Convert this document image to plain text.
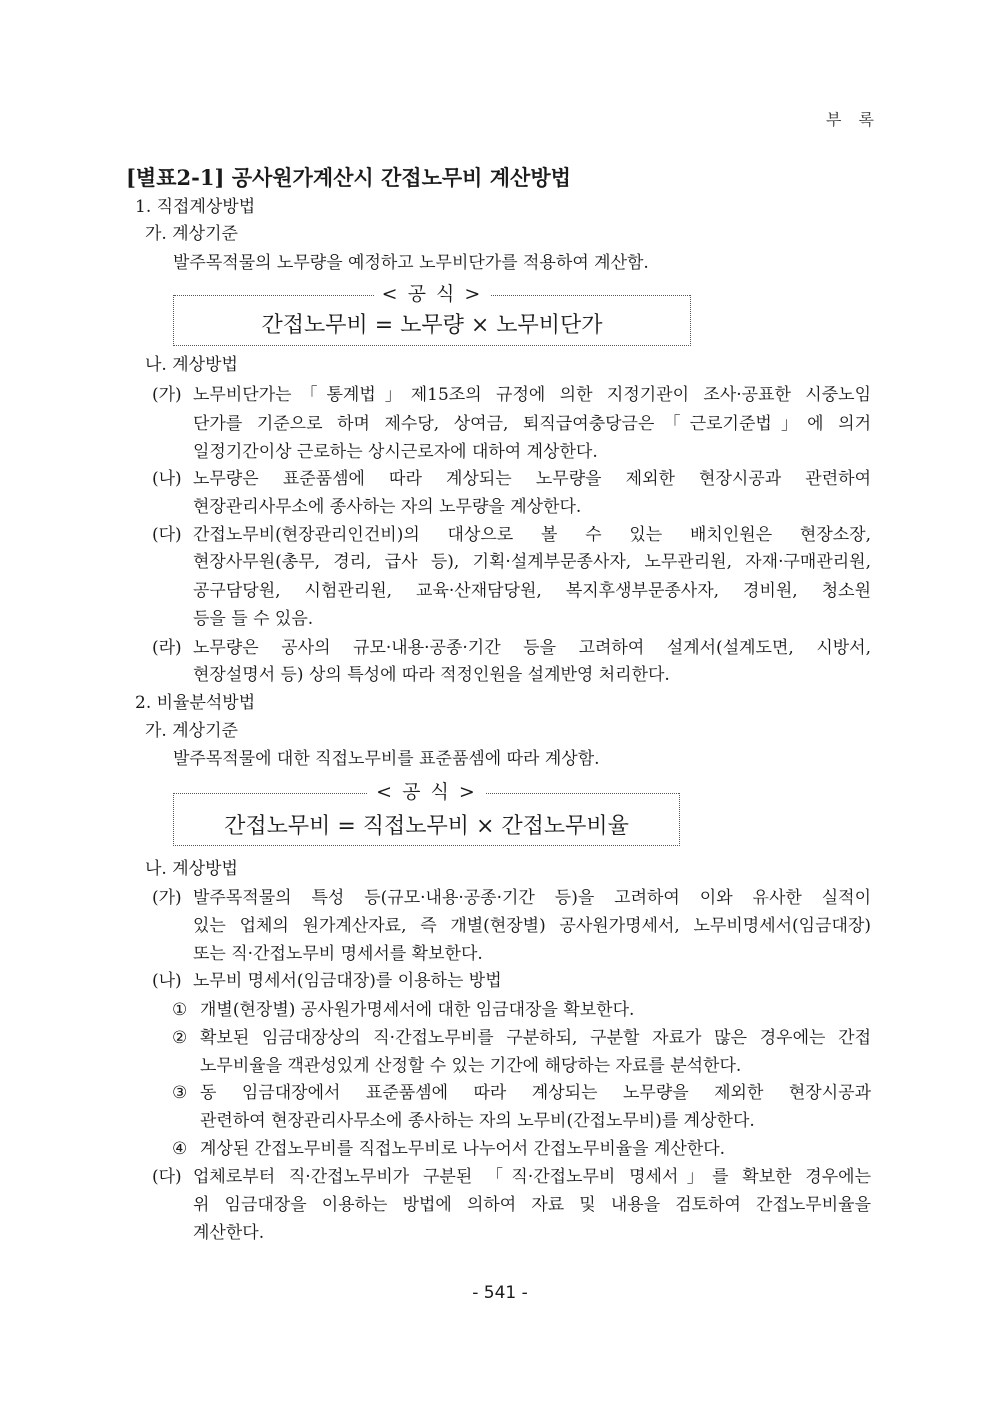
부 록
[별표2-1] 공사원가계산시 간접노무비 계산방법
1. 직접계상방법
가. 계상기준
발주목적물의 노무량을 예정하고 노무비단가를 적용하여 계산함.
< 공 식 >
간접노무비 = 노무량 × 노무비단가
나. 계상방법
(가) 노무비단가는「통계법」제15조의 규정에 의한 지정기관이 조사·공표한 시중노임
단가를 기준으로 하며 제수당, 상여금, 퇴직급여충당금은「근로기준법」에 의거
일정기간이상 근로하는 상시근로자에 대하여 계상한다.
(나) 노무량은 표준품셈에 따라 계상되는 노무량을 제외한 현장시공과 관련하여
현장관리사무소에 종사하는 자의 노무량을 계상한다.
(다) 간접노무비(현장관리인건비)의 대상으로 볼 수 있는 배치인원은 현장소장,
현장사무원(총무, 경리, 급사 등), 기획·설계부문종사자, 노무관리원, 자재·구매관리원,
공구담당원, 시험관리원, 교육·산재담당원, 복지후생부문종사자, 경비원, 청소원
등을 들 수 있음.
(라) 노무량은 공사의 규모·내용·공종·기간 등을 고려하여 설계서(설계도면, 시방서,
현장설명서 등) 상의 특성에 따라 적정인원을 설계반영 처리한다.
2. 비율분석방법
가. 계상기준
발주목적물에 대한 직접노무비를 표준품셈에 따라 계상함.
< 공 식 >
간접노무비 = 직접노무비 × 간접노무비율
나. 계상방법
(가) 발주목적물의 특성 등(규모·내용·공종·기간 등)을 고려하여 이와 유사한 실적이
있는 업체의 원가계산자료, 즉 개별(현장별) 공사원가명세서, 노무비명세서(임금대장)
또는 직·간접노무비 명세서를 확보한다.
(나) 노무비 명세서(임금대장)를 이용하는 방법
① 개별(현장별) 공사원가명세서에 대한 임금대장을 확보한다.
② 확보된 임금대장상의 직·간접노무비를 구분하되, 구분할 자료가 많은 경우에는 간접
노무비율을 객관성있게 산정할 수 있는 기간에 해당하는 자료를 분석한다.
③ 동 임금대장에서 표준품셈에 따라 계상되는 노무량을 제외한 현장시공과
관련하여 현장관리사무소에 종사하는 자의 노무비(간접노무비)를 계상한다.
④ 계상된 간접노무비를 직접노무비로 나누어서 간접노무비율을 계산한다.
(다) 업체로부터 직·간접노무비가 구분된 「직·간접노무비 명세서」를 확보한 경우에는
위 임금대장을 이용하는 방법에 의하여 자료 및 내용을 검토하여 간접노무비율을
계산한다.
- 541 -
